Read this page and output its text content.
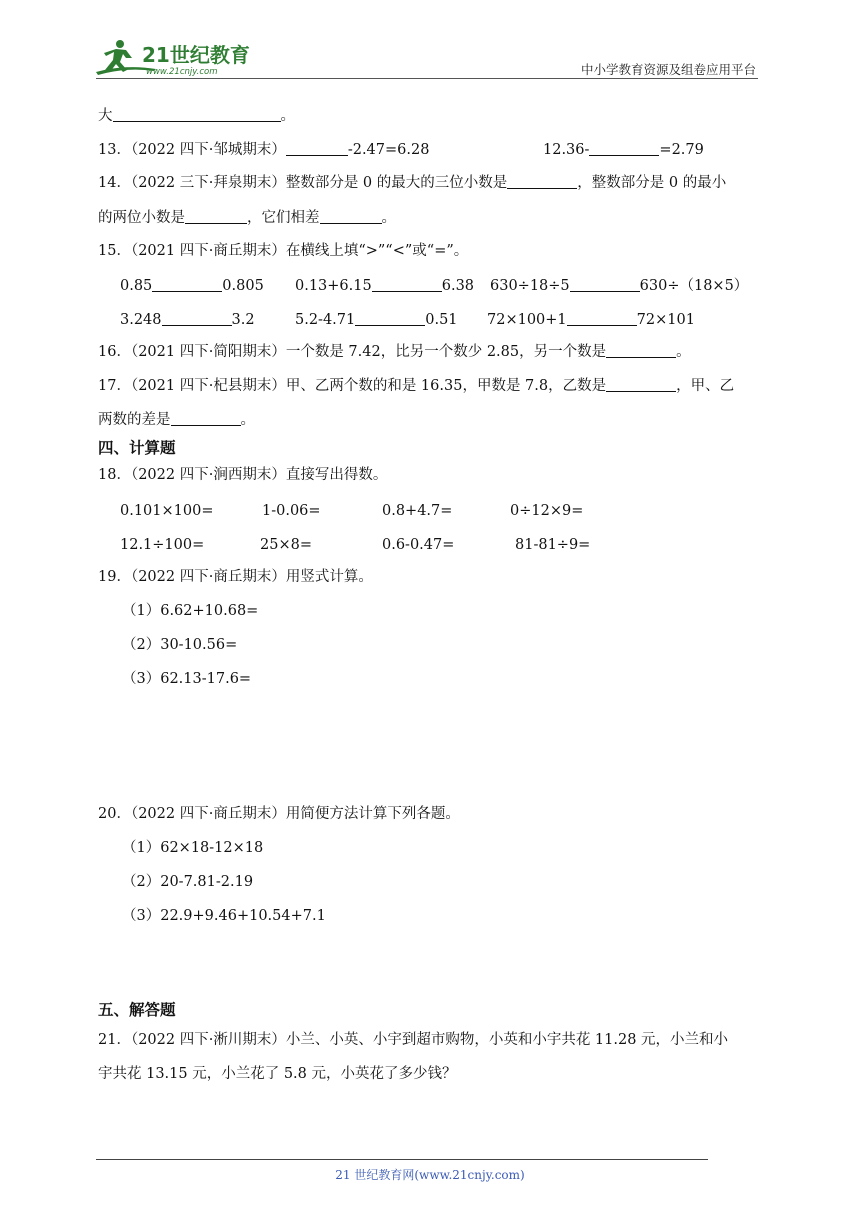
21世纪教育
www.21cnjy.com	中小学教育资源及组卷应用平台
大	。
13．（2022 四下·邹城期末）	-2.47=6.28	12.36-	=2.79
14．（2022 三下·拜泉期末）整数部分是 0 的最大的三位小数是	，整数部分是 0 的最小
的两位小数是	，它们相差	。
15．（2021 四下·商丘期末）在横线上填“>”“<”或“=”。
0.85	0.805 0.13+6.15	6.38 630÷18÷5	630÷（18×5）
3.248	3.2	5.2-4.71	0.51 72×100+1	72×101
16．（2021 四下·简阳期末）一个数是 7.42，比另一个数少 2.85，另一个数是	。
17．（2021 四下·杞县期末）甲、乙两个数的和是 16.35，甲数是 7.8，乙数是	，甲、乙
两数的差是	。
四、计算题
18．（2022 四下·涧西期末）直接写出得数。
0.101×100=	1-0.06=	0.8+4.7=	0÷12×9=
12.1÷100=	25×8=	0.6-0.47=	81-81÷9=
19．（2022 四下·商丘期末）用竖式计算。
（1）6.62+10.68=
（2）30-10.56=
（3）62.13-17.6=
20．（2022 四下·商丘期末）用简便方法计算下列各题。
（1）62×18-12×18
（2）20-7.81-2.19
（3）22.9+9.46+10.54+7.1
五、解答题
21．（2022 四下·淅川期末）小兰、小英、小宇到超市购物，小英和小宇共花 11.28 元，小兰和小
宇共花 13.15 元，小兰花了 5.8 元，小英花了多少钱？
21 世纪教育网(www.21cnjy.com)
